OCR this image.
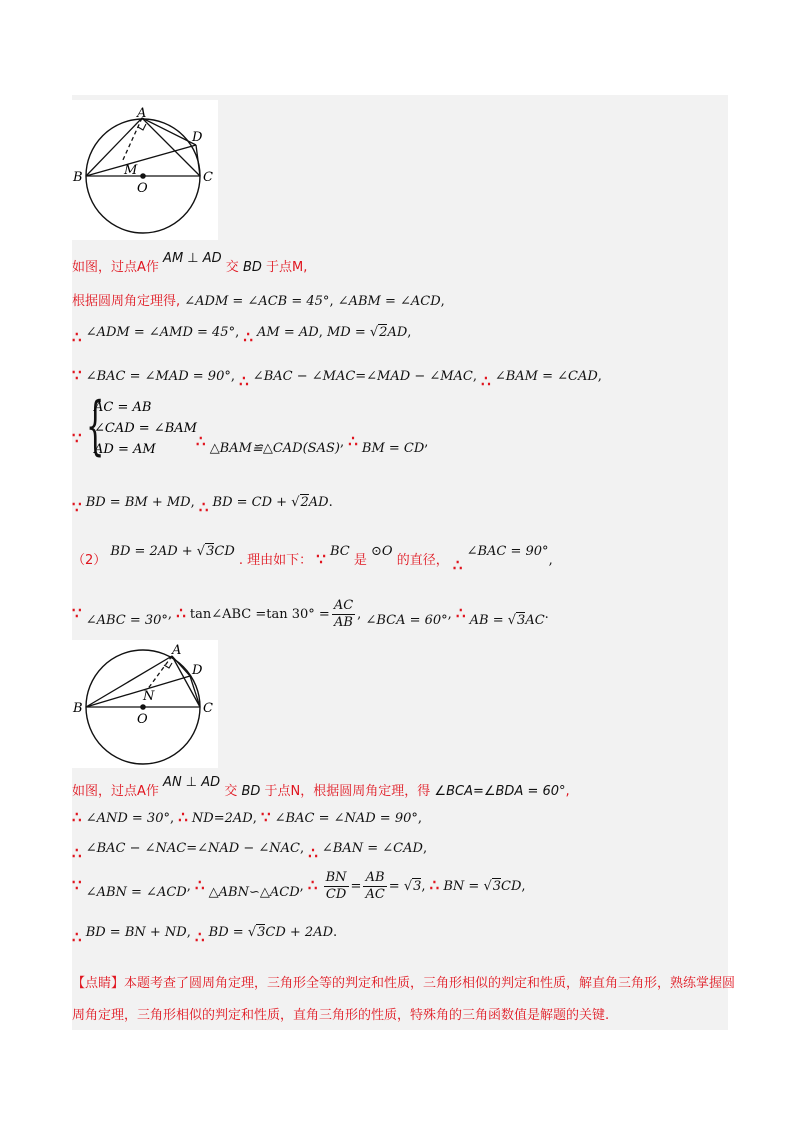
A
B	C
D
M
O
如图，过点A作 AM ⊥ AD 交 BD 于点M,
根据圆周角定理得, ∠ADM = ∠ACB = 45°, ∠ABM = ∠ACD,
∴ ∠ADM = ∠AMD = 45°, ∴ AM = AD, MD = √2AD,
∵ ∠BAC = ∠MAD = 90°, ∴ ∠BAC − ∠MAC=∠MAD − ∠MAC, ∴ ∠BAM = ∠CAD,
∵ {
AC = AB
∠CAD = ∠BAM
AD = AM	∴ △BAM≌△CAD(SAS), ∴ BM = CD,
∵ BD = BM + MD, ∴ BD = CD + √2AD.
（2） BD = 2AD + √3CD . 理由如下： ∵ BC 是 ⊙O 的直径， ∴ ∠BAC = 90°,
∵ ∠ABC = 30°, ∴ tan∠ABC =tan $30^\circ = \frac{AC}{AB}$ , ∠BCA = 60°, ∴ AB = √3AC.
A
B	C
D
N
O
如图，过点A作 AN ⊥ AD 交 BD 于点N，根据圆周角定理，得 ∠BCA=∠BDA = 60°,
∴ ∠AND = 30°, ∴ ND=2AD, ∵ ∠BAC = ∠NAD = 90°,
∴ ∠BAC − ∠NAC=∠NAD − ∠NAC, ∴ ∠BAN = ∠CAD,
∵ ∠ABN = ∠ACD, ∴ △ABN∽△ACD, ∴ $\frac{BN}{CD} = \frac{AB}{AC} = √3$, ∴ BN = √3CD,
∴ BD = BN + ND, ∴ BD = √3CD + 2AD.
【点睛】本题考查了圆周角定理，三角形全等的判定和性质，三角形相似的判定和性质，解直角三角形，熟练掌握圆周角定理，三角形相似的判定和性质，直角三角形的性质，特殊角的三角函数值是解题的关键.
